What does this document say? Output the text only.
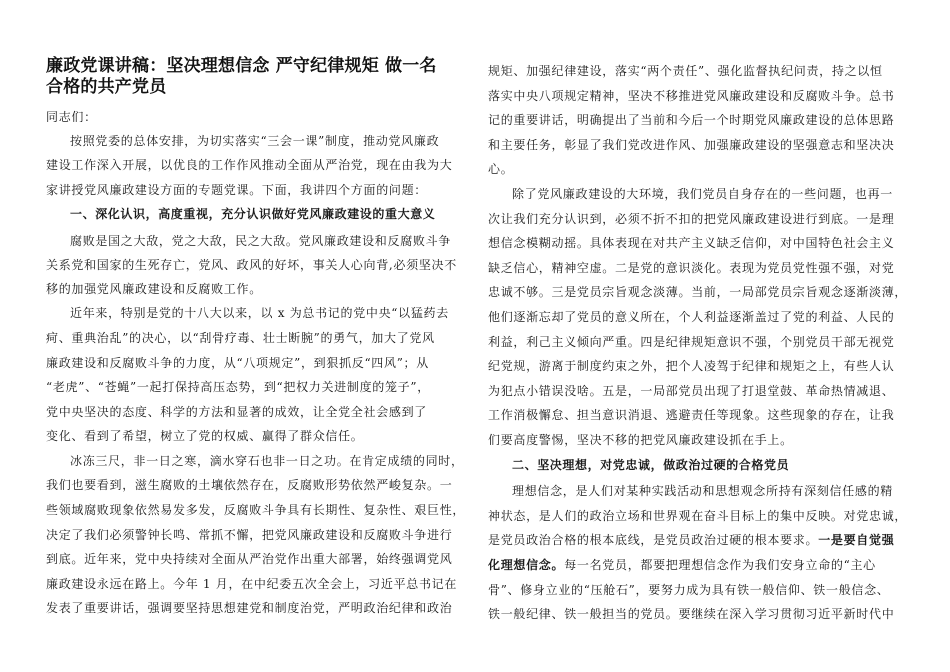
廉政党课讲稿：坚决理想信念 严守纪律规矩 做一名
合格的共产党员
同志们：
按照党委的总体安排，为切实落实“三会一课”制度，推动党风廉政
建设工作深入开展，以优良的工作作风推动全面从严治党，现在由我为大
家讲授党风廉政建设方面的专题党课。下面，我讲四个方面的问题：
一、深化认识，高度重视，充分认识做好党风廉政建设的重大意义
腐败是国之大敌，党之大敌，民之大敌。党风廉政建设和反腐败斗争
关系党和国家的生死存亡，党风、政风的好坏，事关人心向背,必须坚决不
移的加强党风廉政建设和反腐败工作。
近年来，特别是党的十八大以来，以 x 为总书记的党中央“以猛药去
疴、重典治乱”的决心，以“刮骨疗毒、壮士断腕”的勇气，加大了党风
廉政建设和反腐败斗争的力度，从“八项规定”，到狠抓反“四风”；从
“老虎”、“苍蝇”一起打保持高压态势，到“把权力关进制度的笼子”，
党中央坚决的态度、科学的方法和显著的成效，让全党全社会感到了
变化、看到了希望，树立了党的权威、赢得了群众信任。
冰冻三尺，非一日之寒，滴水穿石也非一日之功。在肯定成绩的同时，
我们也要看到，滋生腐败的土壤依然存在，反腐败形势依然严峻复杂。一
些领域腐败现象依然易发多发，反腐败斗争具有长期性、复杂性、艰巨性，
决定了我们必须警钟长鸣、常抓不懈，把党风廉政建设和反腐败斗争进行
到底。近年来，党中央持续对全面从严治党作出重大部署，始终强调党风
廉政建设永远在路上。今年 1 月，在中纪委五次全会上，习近平总书记在
发表了重要讲话，强调要坚持思想建党和制度治党，严明政治纪律和政治
规矩、加强纪律建设，落实“两个责任”、强化监督执纪问责，持之以恒
落实中央八项规定精神，坚决不移推进党风廉政建设和反腐败斗争。总书
记的重要讲话，明确提出了当前和今后一个时期党风廉政建设的总体思路
和主要任务，彰显了我们党改进作风、加强廉政建设的坚强意志和坚决决
心。
除了党风廉政建设的大环境，我们党员自身存在的一些问题，也再一
次让我们充分认识到，必须不折不扣的把党风廉政建设进行到底。一是理
想信念模糊动摇。具体表现在对共产主义缺乏信仰，对中国特色社会主义
缺乏信心，精神空虚。二是党的意识淡化。表现为党员党性强不强，对党
忠诚不够。三是党员宗旨观念淡薄。当前，一局部党员宗旨观念逐渐淡薄，
他们逐渐忘却了党员的意义所在，个人利益逐渐盖过了党的利益、人民的
利益，利己主义倾向严重。四是纪律规矩意识不强，个别党员干部无视党
纪党规，游离于制度约束之外，把个人凌驾于纪律和规矩之上，有些人认
为犯点小错误没啥。五是，一局部党员出现了打退堂鼓、革命热情减退、
工作消极懈怠、担当意识消退、逃避责任等现象。这些现象的存在，让我
们要高度警惕，坚决不移的把党风廉政建设抓在手上。
二、坚决理想，对党忠诚，做政治过硬的合格党员
理想信念，是人们对某种实践活动和思想观念所持有深刻信任感的精
神状态，是人们的政治立场和世界观在奋斗目标上的集中反映。对党忠诚，
是党员政治合格的根本底线，是党员政治过硬的根本要求。一是要自觉强
化理想信念。每一名党员，都要把理想信念作为我们安身立命的“主心
骨”、修身立业的“压舱石”，要努力成为具有铁一般信仰、铁一般信念、
铁一般纪律、铁一般担当的党员。要继续在深入学习贯彻习近平新时代中
